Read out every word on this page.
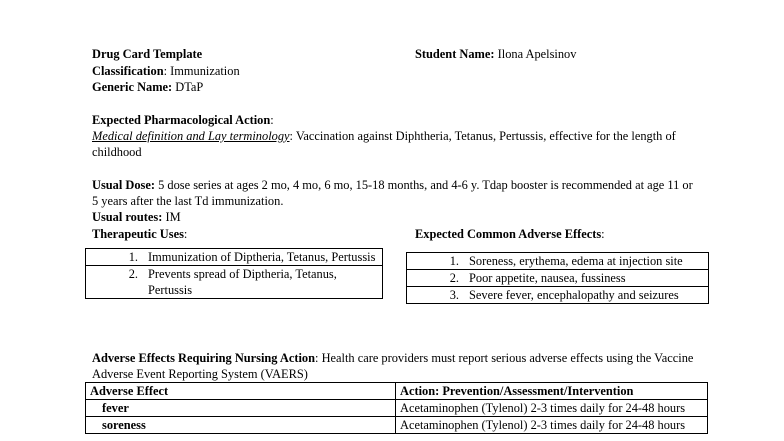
Drug Card Template	Student Name: Ilona Apelsinov
Classification: Immunization
Generic Name: DTaP
Expected Pharmacological Action:
Medical definition and Lay terminology: Vaccination against Diphtheria, Tetanus, Pertussis, effective for the length of childhood
Usual Dose: 5 dose series at ages 2 mo, 4 mo, 6 mo, 15-18 months, and 4-6 y. Tdap booster is recommended at age 11 or 5 years after the last Td immunization.
Usual routes: IM
Therapeutic Uses:
1. Immunization of Diptheria, Tetanus, Pertussis

2. Prevents spread of Diptheria, Tetanus, Pertussis
Expected Common Adverse Effects:
1. Soreness, erythema, edema at injection site

2. Poor appetite, nausea, fussiness

3. Severe fever, encephalopathy and seizures
Adverse Effects Requiring Nursing Action: Health care providers must report serious adverse effects using the Vaccine Adverse Event Reporting System (VAERS)
Adverse Effect	Action: Prevention/Assessment/Intervention
fever	Acetaminophen (Tylenol) 2-3 times daily for 24-48 hours
soreness	Acetaminophen (Tylenol) 2-3 times daily for 24-48 hours
